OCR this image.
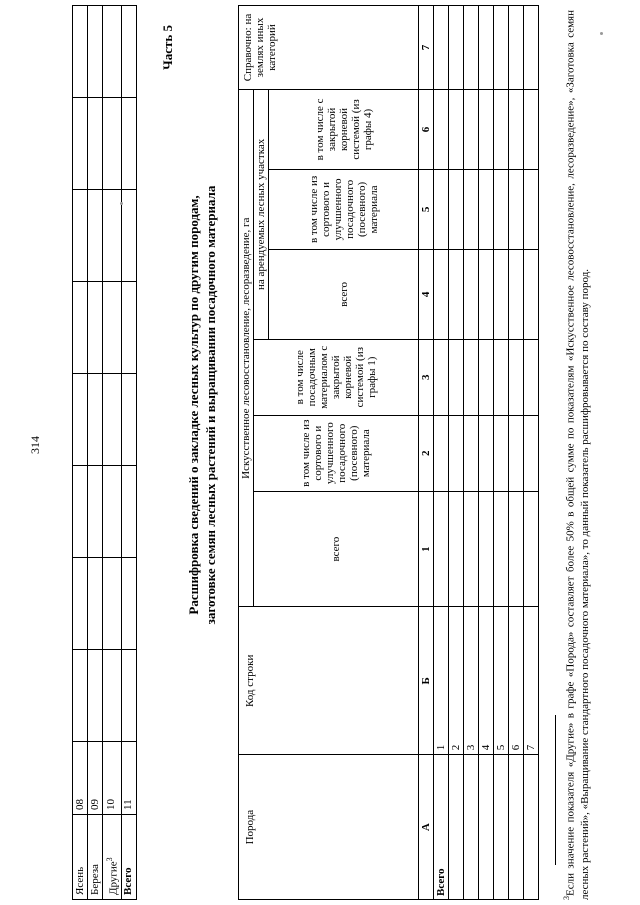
314
Ясень	08								
Береза	09								
Другие$^3$	10								
Всего	11								
Часть 5
Расшифровка сведений о закладке лесных культур по другим породам, заготовке семян лесных растений и выращивании посадочного материала
Порода	Код строки	Искусственное лесовосстановление, лесоразведение, га						Справочно: на землях иных категорий
		всего	в том числе из сортового и улучшенного посадочного (посевного) материала	в том числе посадочным материалом с закрытой корневой системой (из графы 1)	на арендуемых лесных участках			
					всего	в том числе из сортового и улучшенного посадочного (посевного) материала	в том числе с закрытой корневой системой (из графы 4)	
А	Б	1	2	3	4	5	6	7
Всего	1							
	2							
	3							
	4							
	5							
	6							
	7							
$^3$Если значение показателя «Другие» в графе «Порода» составляет более 50% в общей сумме по показателям «Искусственное лесовосстановление, лесоразведение», «Заготовка семян лесных растений», «Выращивание стандартного посадочного материала», то данный показатель расшифровывается по составу пород.
